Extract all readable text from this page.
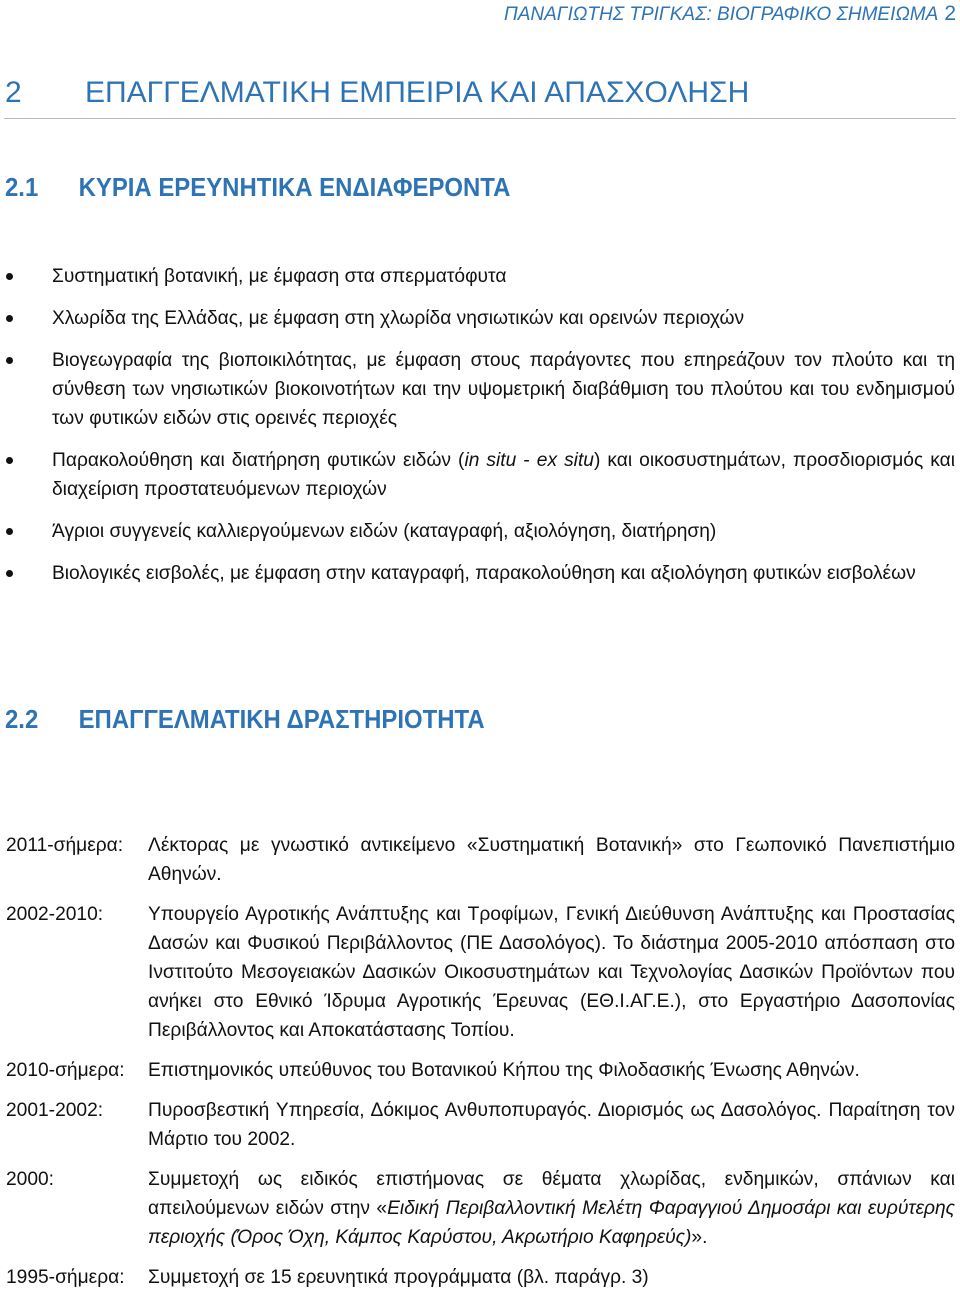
ΠΑΝΑΓΙΩΤΗΣ ΤΡΙΓΚΑΣ: ΒΙΟΓΡΑΦΙΚΟ ΣΗΜΕΙΩΜΑ 2
2 ΕΠΑΓΓΕΛΜΑΤΙΚΗ ΕΜΠΕΙΡΙΑ ΚΑΙ ΑΠΑΣΧΟΛΗΣΗ
2.1 ΚΥΡΙΑ ΕΡΕΥΝΗΤΙΚΑ ΕΝΔΙΑΦΕΡΟΝΤΑ
Συστηματική βοτανική, με έμφαση στα σπερματόφυτα
Χλωρίδα της Ελλάδας, με έμφαση στη χλωρίδα νησιωτικών και ορεινών περιοχών
Βιογεωγραφία της βιοποικιλότητας, με έμφαση στους παράγοντες που επηρεάζουν τον πλούτο και τη σύνθεση των νησιωτικών βιοκοινοτήτων και την υψομετρική διαβάθμιση του πλούτου και του ενδημισμού των φυτικών ειδών στις ορεινές περιοχές
Παρακολούθηση και διατήρηση φυτικών ειδών (in situ - ex situ) και οικοσυστημάτων, προσδιορισμός και διαχείριση προστατευόμενων περιοχών
Άγριοι συγγενείς καλλιεργούμενων ειδών (καταγραφή, αξιολόγηση, διατήρηση)
Βιολογικές εισβολές, με έμφαση στην καταγραφή, παρακολούθηση και αξιολόγηση φυτικών εισβολέων
2.2 ΕΠΑΓΓΕΛΜΑΤΙΚΗ ΔΡΑΣΤΗΡΙΟΤΗΤΑ
2011-σήμερα:	Λέκτορας με γνωστικό αντικείμενο «Συστηματική Βοτανική» στο Γεωπονικό Πανεπιστήμιο Αθηνών.
2002-2010:	Υπουργείο Αγροτικής Ανάπτυξης και Τροφίμων, Γενική Διεύθυνση Ανάπτυξης και Προστασίας Δασών και Φυσικού Περιβάλλοντος (ΠΕ Δασολόγος). Το διάστημα 2005-2010 απόσπαση στο Ινστιτούτο Μεσογειακών Δασικών Οικοσυστημάτων και Τεχνολογίας Δασικών Προϊόντων που ανήκει στο Εθνικό Ίδρυμα Αγροτικής Έρευνας (ΕΘ.Ι.ΑΓ.Ε.), στο Εργαστήριο Δασοπονίας Περιβάλλοντος και Αποκατάστασης Τοπίου.
2010-σήμερα:	Επιστημονικός υπεύθυνος του Βοτανικού Κήπου της Φιλοδασικής Ένωσης Αθηνών.
2001-2002:	Πυροσβεστική Υπηρεσία, Δόκιμος Ανθυποπυραγός. Διορισμός ως Δασολόγος. Παραίτηση τον Μάρτιο του 2002.
2000:	Συμμετοχή ως ειδικός επιστήμονας σε θέματα χλωρίδας, ενδημικών, σπάνιων και απειλούμενων ειδών στην «Ειδική Περιβαλλοντική Μελέτη Φαραγγιού Δημοσάρι και ευρύτερης περιοχής (Όρος Όχη, Κάμπος Καρύστου, Ακρωτήριο Καφηρεύς)».
1995-σήμερα:	Συμμετοχή σε 15 ερευνητικά προγράμματα (βλ. παράγρ. 3)
